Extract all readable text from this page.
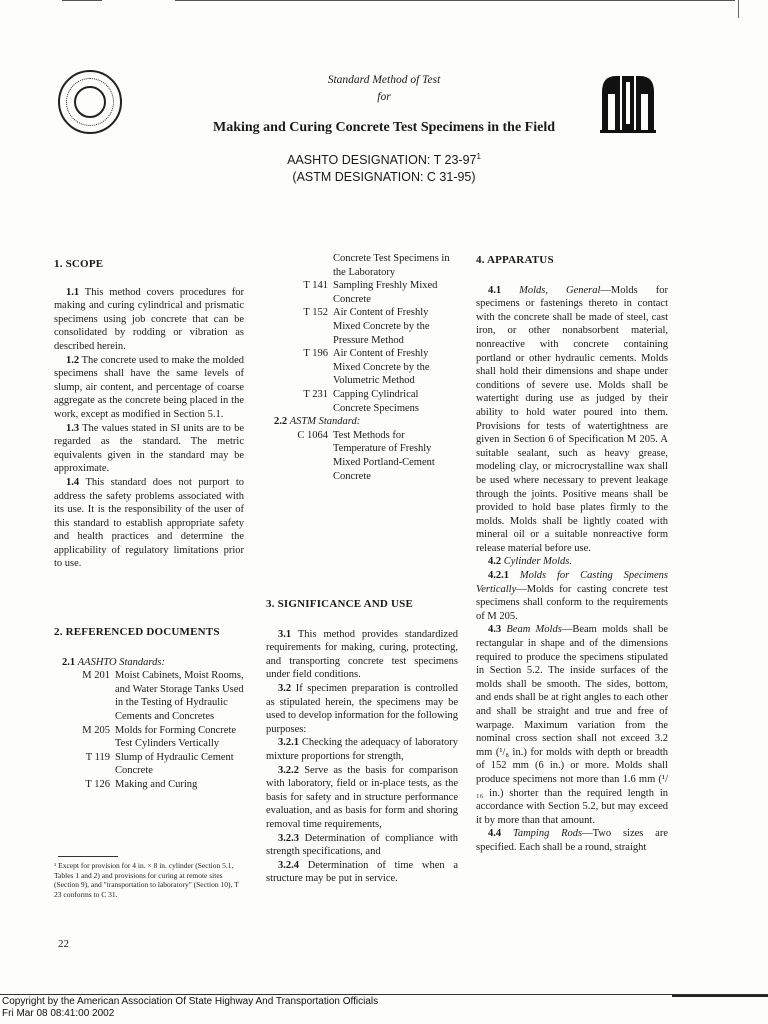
Standard Method of Test
for
Making and Curing Concrete Test Specimens in the Field
AASHTO DESIGNATION: T $23-97^1$
(ASTM DESIGNATION: C 31-95)
1. SCOPE
1.1 This method covers procedures for making and curing cylindrical and prismatic specimens using job concrete that can be consolidated by rodding or vibration as described herein.
1.2 The concrete used to make the molded specimens shall have the same levels of slump, air content, and percentage of coarse aggregate as the concrete being placed in the work, except as modified in Section 5.1.
1.3 The values stated in SI units are to be regarded as the standard. The metric equivalents given in the standard may be approximate.
1.4 This standard does not purport to address the safety problems associated with its use. It is the responsibility of the user of this standard to establish appropriate safety and health practices and determine the applicability of regulatory limitations prior to use.
2. REFERENCED DOCUMENTS
2.1 AASHTO Standards:
M 201 Moist Cabinets, Moist Rooms, and Water Storage Tanks Used in the Testing of Hydraulic Cements and Concretes
M 205 Molds for Forming Concrete Test Cylinders Vertically
T 119 Slump of Hydraulic Cement Concrete
T 126 Making and Curing
¹ Except for provision for 4 in. × 8 in. cylinder (Section 5.1, Tables 1 and 2) and provisions for curing at remote sites (Section 9), and "transportation to laboratory" (Section 10), T 23 conforms to C 31.
Concrete Test Specimens in the Laboratory
T 141 Sampling Freshly Mixed Concrete
T 152 Air Content of Freshly Mixed Concrete by the Pressure Method
T 196 Air Content of Freshly Mixed Concrete by the Volumetric Method
T 231 Capping Cylindrical Concrete Specimens
2.2 ASTM Standard:
C 1064 Test Methods for Temperature of Freshly Mixed Portland-Cement Concrete
3. SIGNIFICANCE AND USE
3.1 This method provides standardized requirements for making, curing, protecting, and transporting concrete test specimens under field conditions.
3.2 If specimen preparation is controlled as stipulated herein, the specimens may be used to develop information for the following purposes:
3.2.1 Checking the adequacy of laboratory mixture proportions for strength,
3.2.2 Serve as the basis for comparison with laboratory, field or in-place tests, as the basis for safety and in structure performance evaluation, and as basis for form and shoring removal time requirements,
3.2.3 Determination of compliance with strength specifications, and
3.2.4 Determination of time when a structure may be put in service.
4. APPARATUS
4.1 Molds, General—Molds for specimens or fastenings thereto in contact with the concrete shall be made of steel, cast iron, or other nonabsorbent material, nonreactive with concrete containing portland or other hydraulic cements. Molds shall hold their dimensions and shape under conditions of severe use. Molds shall be watertight during use as judged by their ability to hold water poured into them. Provisions for tests of watertightness are given in Section 6 of Specification M 205. A suitable sealant, such as heavy grease, modeling clay, or microcrystalline wax shall be used where necessary to prevent leakage through the joints. Positive means shall be provided to hold base plates firmly to the molds. Molds shall be lightly coated with mineral oil or a suitable nonreactive form release material before use.
4.2 Cylinder Molds.
4.2.1 Molds for Casting Specimens Vertically—Molds for casting concrete test specimens shall conform to the requirements of M 205.
4.3 Beam Molds—Beam molds shall be rectangular in shape and of the dimensions required to produce the specimens stipulated in Section 5.2. The inside surfaces of the molds shall be smooth. The sides, bottom, and ends shall be at right angles to each other and shall be straight and true and free of warpage. Maximum variation from the nominal cross section shall not exceed 3.2 mm (¹/₈ in.) for molds with depth or breadth of 152 mm (6 in.) or more. Molds shall produce specimens not more than 1.6 mm (¹/₁₆ in.) shorter than the required length in accordance with Section 5.2, but may exceed it by more than that amount.
4.4 Tamping Rods—Two sizes are specified. Each shall be a round, straight
22
Copyright by the American Association Of State Highway And Transportation Officials
Fri Mar 08 08:41:00 2002
